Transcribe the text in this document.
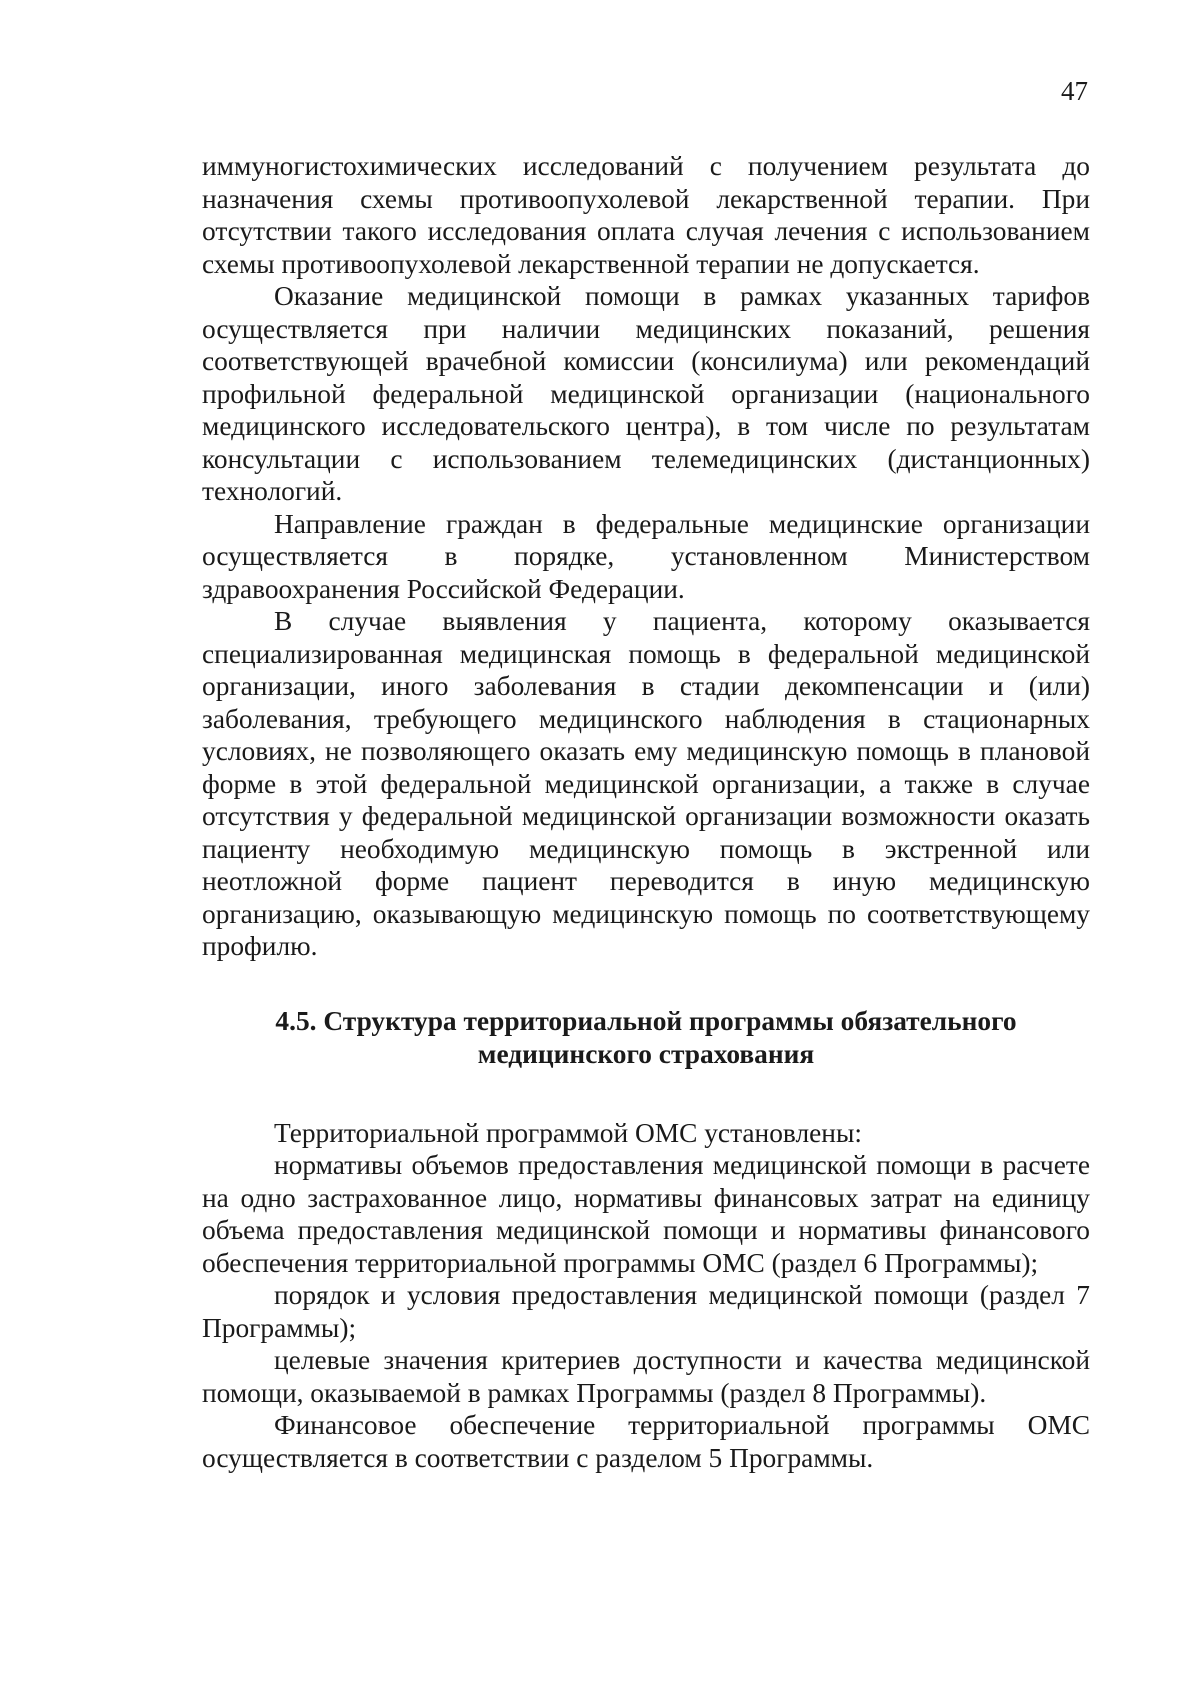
47

иммуногистохимических исследований с получением результата до назначения схемы противоопухолевой лекарственной терапии. При отсутствии такого исследования оплата случая лечения с использованием схемы противоопухолевой лекарственной терапии не допускается.

Оказание медицинской помощи в рамках указанных тарифов осуществляется при наличии медицинских показаний, решения соответствующей врачебной комиссии (консилиума) или рекомендаций профильной федеральной медицинской организации (национального медицинского исследовательского центра), в том числе по результатам консультации с использованием телемедицинских (дистанционных) технологий.

Направление граждан в федеральные медицинские организации осуществляется в порядке, установленном Министерством здравоохранения Российской Федерации.

В случае выявления у пациента, которому оказывается специализированная медицинская помощь в федеральной медицинской организации, иного заболевания в стадии декомпенсации и (или) заболевания, требующего медицинского наблюдения в стационарных условиях, не позволяющего оказать ему медицинскую помощь в плановой форме в этой федеральной медицинской организации, а также в случае отсутствия у федеральной медицинской организации возможности оказать пациенту необходимую медицинскую помощь в экстренной или неотложной форме пациент переводится в иную медицинскую организацию, оказывающую медицинскую помощь по соответствующему профилю.

4.5. Структура территориальной программы обязательного
медицинского страхования

Территориальной программой ОМС установлены:

нормативы объемов предоставления медицинской помощи в расчете на одно застрахованное лицо, нормативы финансовых затрат на единицу объема предоставления медицинской помощи и нормативы финансового обеспечения территориальной программы ОМС (раздел 6 Программы);

порядок и условия предоставления медицинской помощи (раздел 7 Программы);

целевые значения критериев доступности и качества медицинской помощи, оказываемой в рамках Программы (раздел 8 Программы).

Финансовое обеспечение территориальной программы ОМС осуществляется в соответствии с разделом 5 Программы.
